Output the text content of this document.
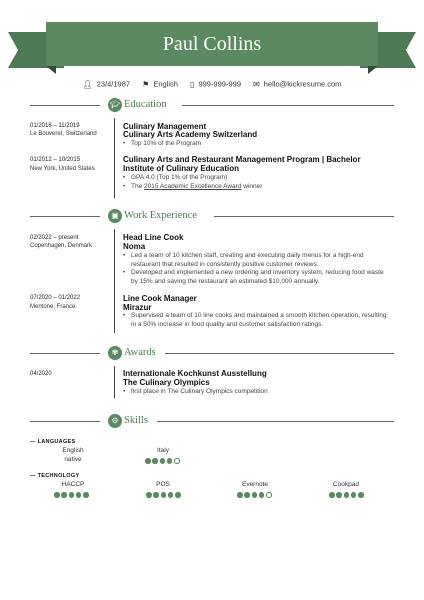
Paul Collins
👤︎ 23/4/1987 ⚑ English ▯ 999-999-999 ✉ hello@kickresume.com
🎓︎ Education
01/2016 – 11/2019
Le Bouveret, Switzerland
Culinary Management
Culinary Arts Academy Switzerland
• Top 10% of the Program
01/2012 – 10/2015
New York, United States
Culinary Arts and Restaurant Management Program | Bachelor
Institute of Culinary Education
• GPA 4.0 (Top 1% of the Program)
• The 2015 Academic Excellence Award winner
▣ Work Experience
02/2022 – present
Copenhagen, Denmark
Head Line Cook
Noma
• Led a team of 10 kitchen staff, creating and executing daily menus for a high-end restaurant that resulted in consistently positive customer reviews.
• Developed and implemented a new ordering and inventory system, reducing food waste by 15% and saving the restaurant an estimated $10,000 annually.
07/2020 – 01/2022
Mentone, France
Line Cook Manager
Mirazur
• Supervised a team of 10 line cooks and maintained a smooth kitchen operation, resulting in a 50% increase in food quality and customer satisfaction ratings.
✾ Awards
04/2020	Internationale Kochkunst Ausstellung
The Culinary Olympics
• first place in The Culinary Olympics competition
⚙ Skills
— LANGUAGES
English
native
Italy
— TECHNOLOGY
HACCP	POS	Evernote	Cookpad
